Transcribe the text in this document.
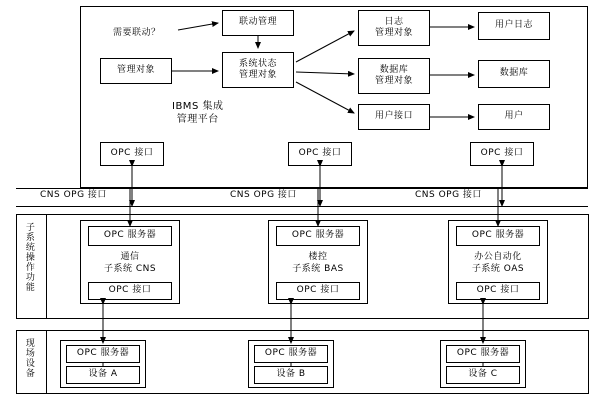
联动管理
管理对象
系统状态
管理对象
日志
管理对象
数据库
管理对象
用户接口
用户日志
数据库
用户
需要联动？
IBMS 集成
管理平台
OPC 接口	OPC 接口	OPC 接口
CNS OPG 接口	CNS OPG 接口	CNS OPG 接口
子系统操作功能	OPC 服务器
通信
子系统 CNS
OPC 接口
OPC 服务器
楼控
子系统 BAS
OPC 接口
OPC 服务器
办公自动化
子系统 OAS
OPC 接口
现场设备	OPC 服务器
设备 A
OPC 服务器
设备 B
OPC 服务器
设备 C
